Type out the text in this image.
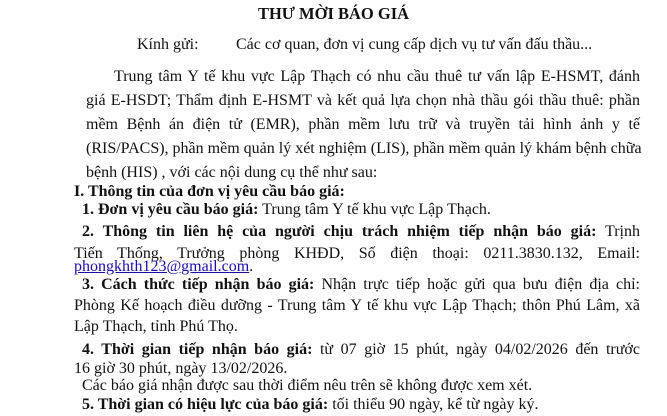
THƯ MỜI BÁO GIÁ
Kính gửi: Các cơ quan, đơn vị cung cấp dịch vụ tư vấn đấu thầu...
Trung tâm Y tế khu vực Lập Thạch có nhu cầu thuê tư vấn lập E-HSMT, đánh
giá E-HSDT; Thẩm định E-HSMT và kết quả lựa chọn nhà thầu gói thầu thuê: phần
mềm Bệnh án điện tử (EMR), phần mềm lưu trữ và truyền tải hình ảnh y tế
(RIS/PACS), phần mềm quản lý xét nghiệm (LIS), phần mềm quản lý khám bệnh chữa
bệnh (HIS) , với các nội dung cụ thể như sau:
I. Thông tin của đơn vị yêu cầu báo giá:
1. Đơn vị yêu cầu báo giá: Trung tâm Y tế khu vực Lập Thạch.
2. Thông tin liên hệ của người chịu trách nhiệm tiếp nhận báo giá: Trịnh
Tiến Thống, Trưởng phòng KHĐD, Số điện thoại: 0211.3830.132, Email:
phongkhth123@gmail.com.
3. Cách thức tiếp nhận báo giá: Nhận trực tiếp hoặc gửi qua bưu điện địa chỉ:
Phòng Kế hoạch điều dưỡng - Trung tâm Y tế khu vực Lập Thạch; thôn Phú Lâm, xã
Lập Thạch, tỉnh Phú Thọ.
4. Thời gian tiếp nhận báo giá: từ 07 giờ 15 phút, ngày 04/02/2026 đến trước
16 giờ 30 phút, ngày 13/02/2026.
Các báo giá nhận được sau thời điểm nêu trên sẽ không được xem xét.
5. Thời gian có hiệu lực của báo giá: tối thiểu 90 ngày, kể từ ngày ký.
